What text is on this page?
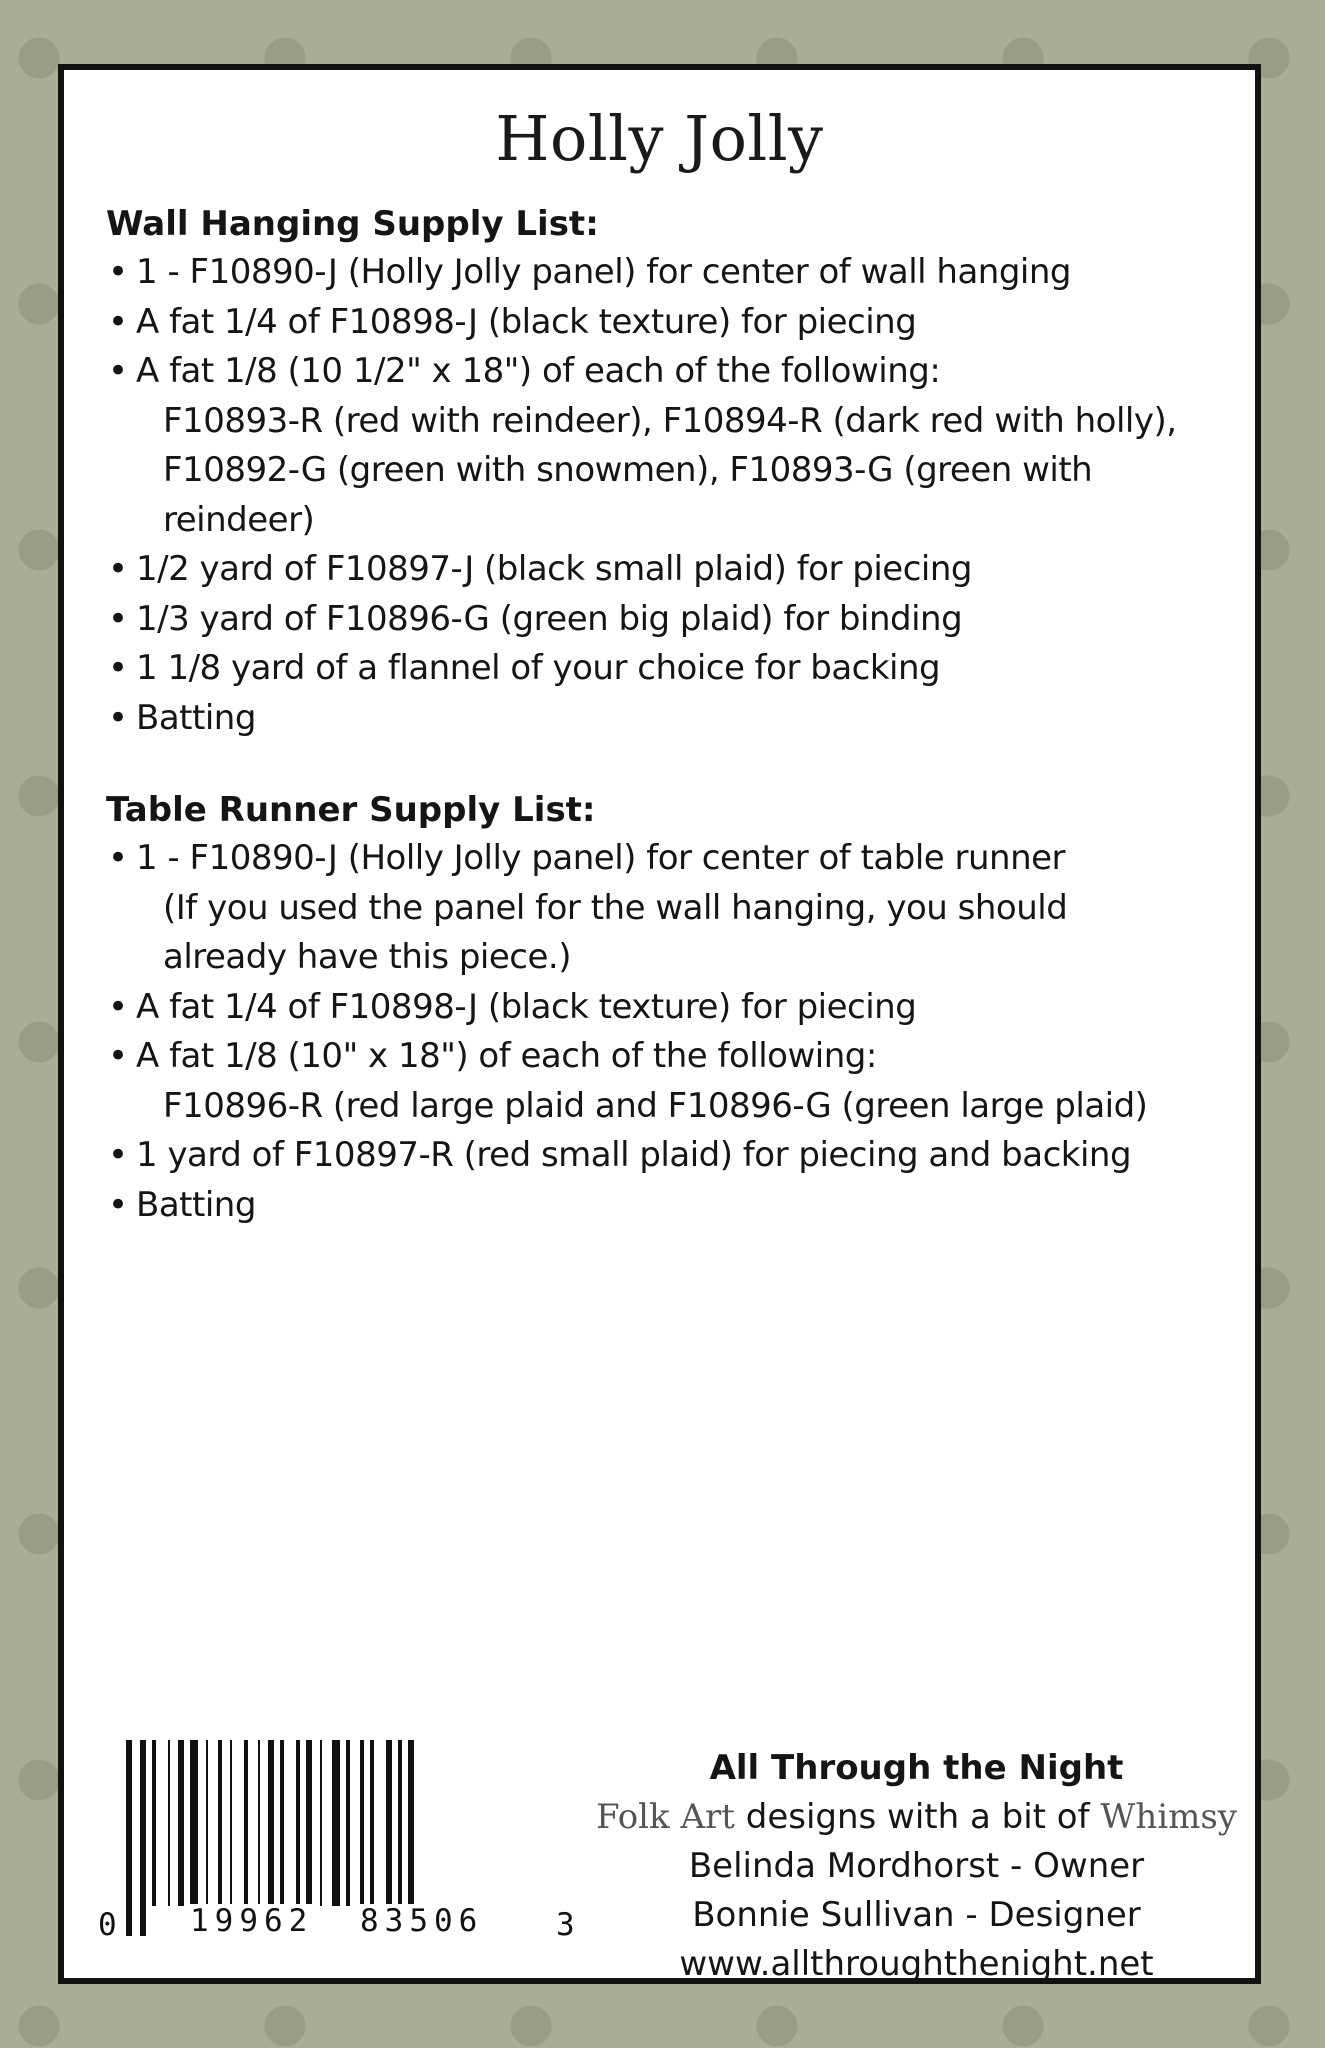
Holly Jolly
Wall Hanging Supply List:
• 1 - F10890-J (Holly Jolly panel) for center of wall hanging
• A fat 1/4 of F10898-J (black texture) for piecing
• A fat 1/8 (10 1/2" x 18") of each of the following:
F10893-R (red with reindeer), F10894-R (dark red with holly),
F10892-G (green with snowmen), F10893-G (green with
reindeer)
• 1/2 yard of F10897-J (black small plaid) for piecing
• 1/3 yard of F10896-G (green big plaid) for binding
• 1 1/8 yard of a flannel of your choice for backing
• Batting
Table Runner Supply List:
• 1 - F10890-J (Holly Jolly panel) for center of table runner
(If you used the panel for the wall hanging, you should
already have this piece.)
• A fat 1/4 of F10898-J (black texture) for piecing
• A fat 1/8 (10" x 18") of each of the following:
F10896-R (red large plaid and F10896-G (green large plaid)
• 1 yard of F10897-R (red small plaid) for piecing and backing
• Batting
0 19962 83506 3
All Through the Night
Folk Art designs with a bit of Whimsy
Belinda Mordhorst - Owner
Bonnie Sullivan - Designer
www.allthroughthenight.net
